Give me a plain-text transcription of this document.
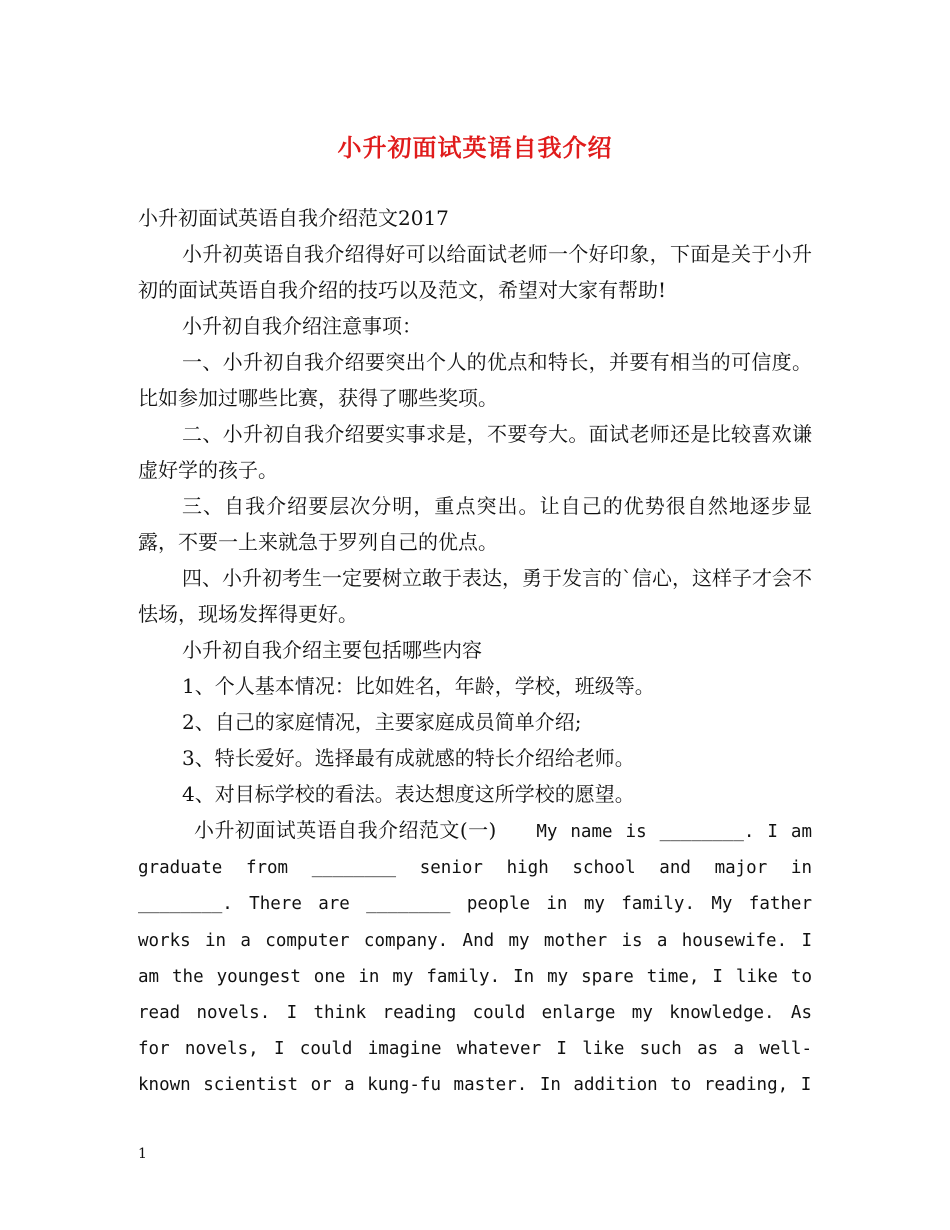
小升初面试英语自我介绍

小升初面试英语自我介绍范文2017

小升初英语自我介绍得好可以给面试老师一个好印象，下面是关于小升初的面试英语自我介绍的技巧以及范文，希望对大家有帮助!

小升初自我介绍注意事项：

一、小升初自我介绍要突出个人的优点和特长，并要有相当的可信度。比如参加过哪些比赛，获得了哪些奖项。

二、小升初自我介绍要实事求是，不要夸大。面试老师还是比较喜欢谦虚好学的孩子。

三、自我介绍要层次分明，重点突出。让自己的优势很自然地逐步显露，不要一上来就急于罗列自己的优点。

四、小升初考生一定要树立敢于表达，勇于发言的`信心，这样子才会不怯场，现场发挥得更好。

小升初自我介绍主要包括哪些内容

1、个人基本情况：比如姓名，年龄，学校，班级等。

2、自己的家庭情况，主要家庭成员简单介绍;

3、特长爱好。选择最有成就感的特长介绍给老师。

4、对目标学校的看法。表达想度这所学校的愿望。

小升初面试英语自我介绍范文(一) My name is ________. I am graduate from ________ senior high school and major in ________. There are ________ people in my family. My father works in a computer company. And my mother is a housewife. I am the youngest one in my family. In my spare time, I like to read novels. I think reading could enlarge my knowledge. As for novels, I could imagine whatever I like such as a well-known scientist or a kung-fu master. In addition to reading, I

1
